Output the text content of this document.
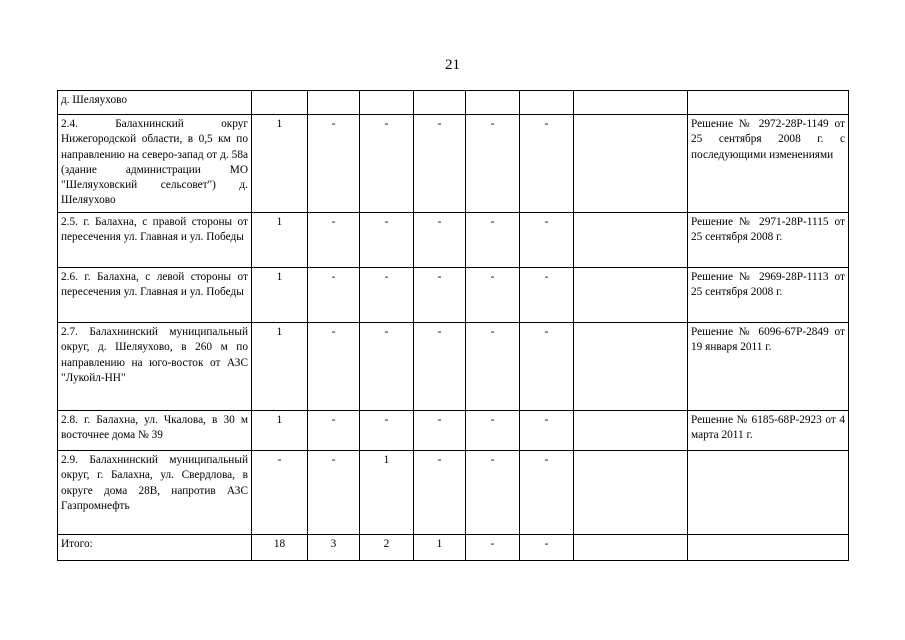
21
д. Шеляухово								
2.4. Балахнинский округ Нижегородской области, в 0,5 км по направлению на северо-запад от д. 58а (здание администрации МО "Шеляуховский сельсовет") д. Шеляухово	1	-	-	-	-	-		Решение № 2972-28Р-1149 от 25 сентября 2008 г. с последующими изменениями
2.5. г. Балахна, с правой стороны от пересечения ул. Главная и ул. Победы	1	-	-	-	-	-		Решение № 2971-28Р-1115 от 25 сентября 2008 г.
2.6. г. Балахна, с левой стороны от пересечения ул. Главная и ул. Победы	1	-	-	-	-	-		Решение № 2969-28Р-1113 от 25 сентября 2008 г.
2.7. Балахнинский муниципальный округ, д. Шеляухово, в 260 м по направлению на юго-восток от АЗС "Лукойл-НН"	1	-	-	-	-	-		Решение № 6096-67Р-2849 от 19 января 2011 г.
2.8. г. Балахна, ул. Чкалова, в 30 м восточнее дома № 39	1	-	-	-	-	-		Решение № 6185-68Р-2923 от 4 марта 2011 г.
2.9. Балахнинский муниципальный округ, г. Балахна, ул. Свердлова, в округе дома 28В, напротив АЗС Газпромнефть	-	-	1	-	-	-		
Итого:	18	3	2	1	-	-		
